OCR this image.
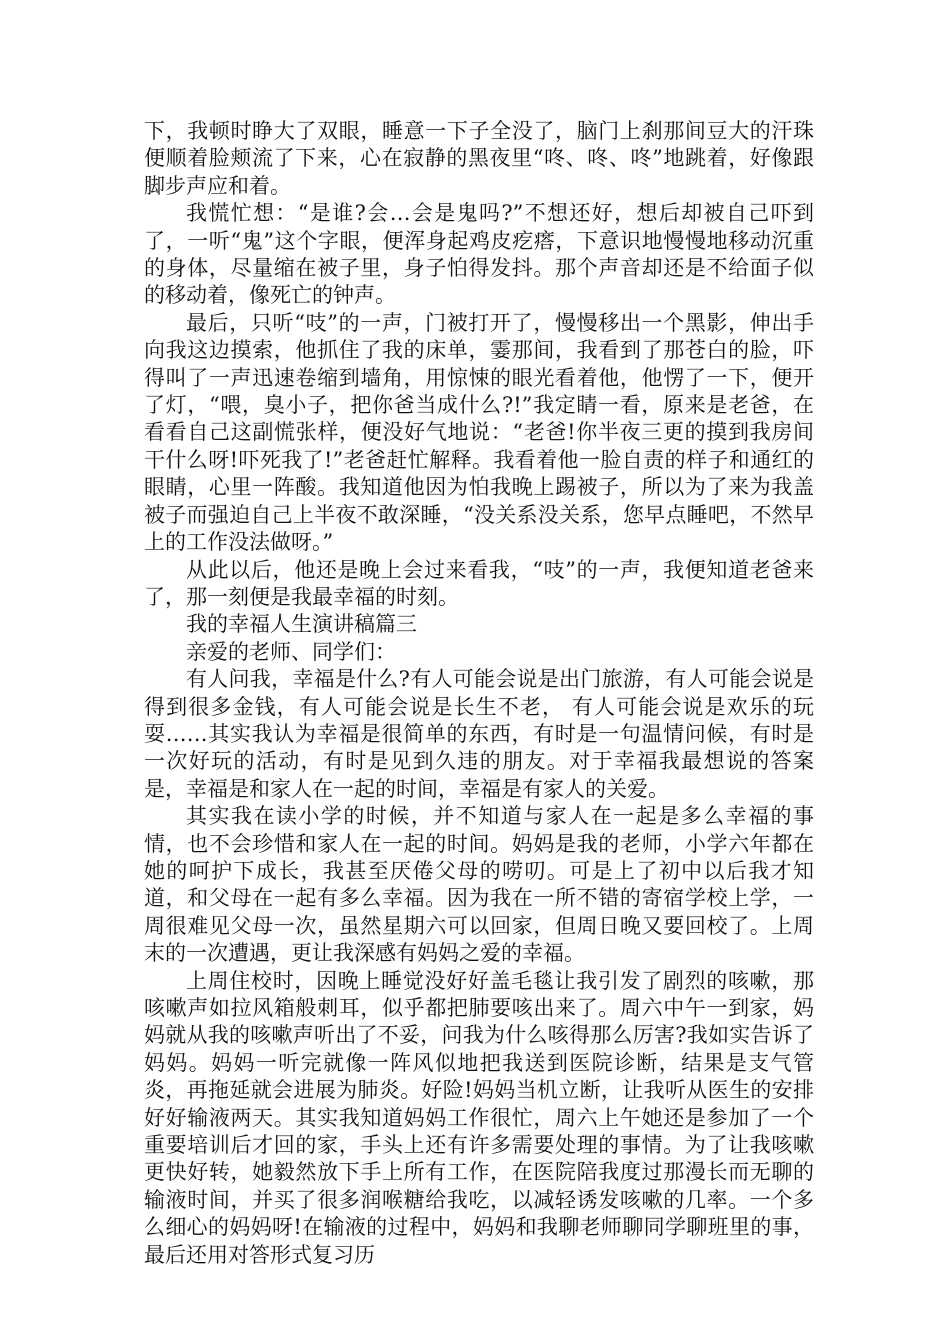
下，我顿时睁大了双眼，睡意一下子全没了，脑门上刹那间豆大的汗珠便顺着脸颊流了下来，心在寂静的黑夜里“咚、咚、咚”地跳着，好像跟脚步声应和着。

我慌忙想：“是谁?会…会是鬼吗?”不想还好，想后却被自己吓到了，一听“鬼”这个字眼，便浑身起鸡皮疙瘩，下意识地慢慢地移动沉重的身体，尽量缩在被子里，身子怕得发抖。那个声音却还是不给面子似的移动着，像死亡的钟声。

最后，只听“吱”的一声，门被打开了，慢慢移出一个黑影，伸出手向我这边摸索，他抓住了我的床单，霎那间，我看到了那苍白的脸，吓得叫了一声迅速卷缩到墙角，用惊悚的眼光看着他，他愣了一下，便开了灯，“喂，臭小子，把你爸当成什么?!”我定睛一看，原来是老爸，在看看自己这副慌张样，便没好气地说：“老爸!你半夜三更的摸到我房间干什么呀!吓死我了!”老爸赶忙解释。我看着他一脸自责的样子和通红的眼睛，心里一阵酸。我知道他因为怕我晚上踢被子，所以为了来为我盖被子而强迫自己上半夜不敢深睡，“没关系没关系，您早点睡吧，不然早上的工作没法做呀。”

从此以后，他还是晚上会过来看我，“吱”的一声，我便知道老爸来了，那一刻便是我最幸福的时刻。

我的幸福人生演讲稿篇三

亲爱的老师、同学们：

有人问我，幸福是什么?有人可能会说是出门旅游，有人可能会说是得到很多金钱，有人可能会说是长生不老， 有人可能会说是欢乐的玩耍……其实我认为幸福是很简单的东西，有时是一句温情问候，有时是一次好玩的活动，有时是见到久违的朋友。对于幸福我最想说的答案是，幸福是和家人在一起的时间，幸福是有家人的关爱。

其实我在读小学的时候，并不知道与家人在一起是多么幸福的事情，也不会珍惜和家人在一起的时间。妈妈是我的老师，小学六年都在她的呵护下成长，我甚至厌倦父母的唠叨。可是上了初中以后我才知道，和父母在一起有多么幸福。因为我在一所不错的寄宿学校上学，一周很难见父母一次，虽然星期六可以回家，但周日晚又要回校了。上周末的一次遭遇，更让我深感有妈妈之爱的幸福。

上周住校时，因晚上睡觉没好好盖毛毯让我引发了剧烈的咳嗽，那咳嗽声如拉风箱般刺耳，似乎都把肺要咳出来了。周六中午一到家，妈妈就从我的咳嗽声听出了不妥，问我为什么咳得那么厉害?我如实告诉了妈妈。妈妈一听完就像一阵风似地把我送到医院诊断，结果是支气管炎，再拖延就会进展为肺炎。好险!妈妈当机立断，让我听从医生的安排好好输液两天。其实我知道妈妈工作很忙，周六上午她还是参加了一个重要培训后才回的家，手头上还有许多需要处理的事情。为了让我咳嗽更快好转，她毅然放下手上所有工作，在医院陪我度过那漫长而无聊的输液时间，并买了很多润喉糖给我吃，以减轻诱发咳嗽的几率。一个多么细心的妈妈呀!在输液的过程中，妈妈和我聊老师聊同学聊班里的事，最后还用对答形式复习历
